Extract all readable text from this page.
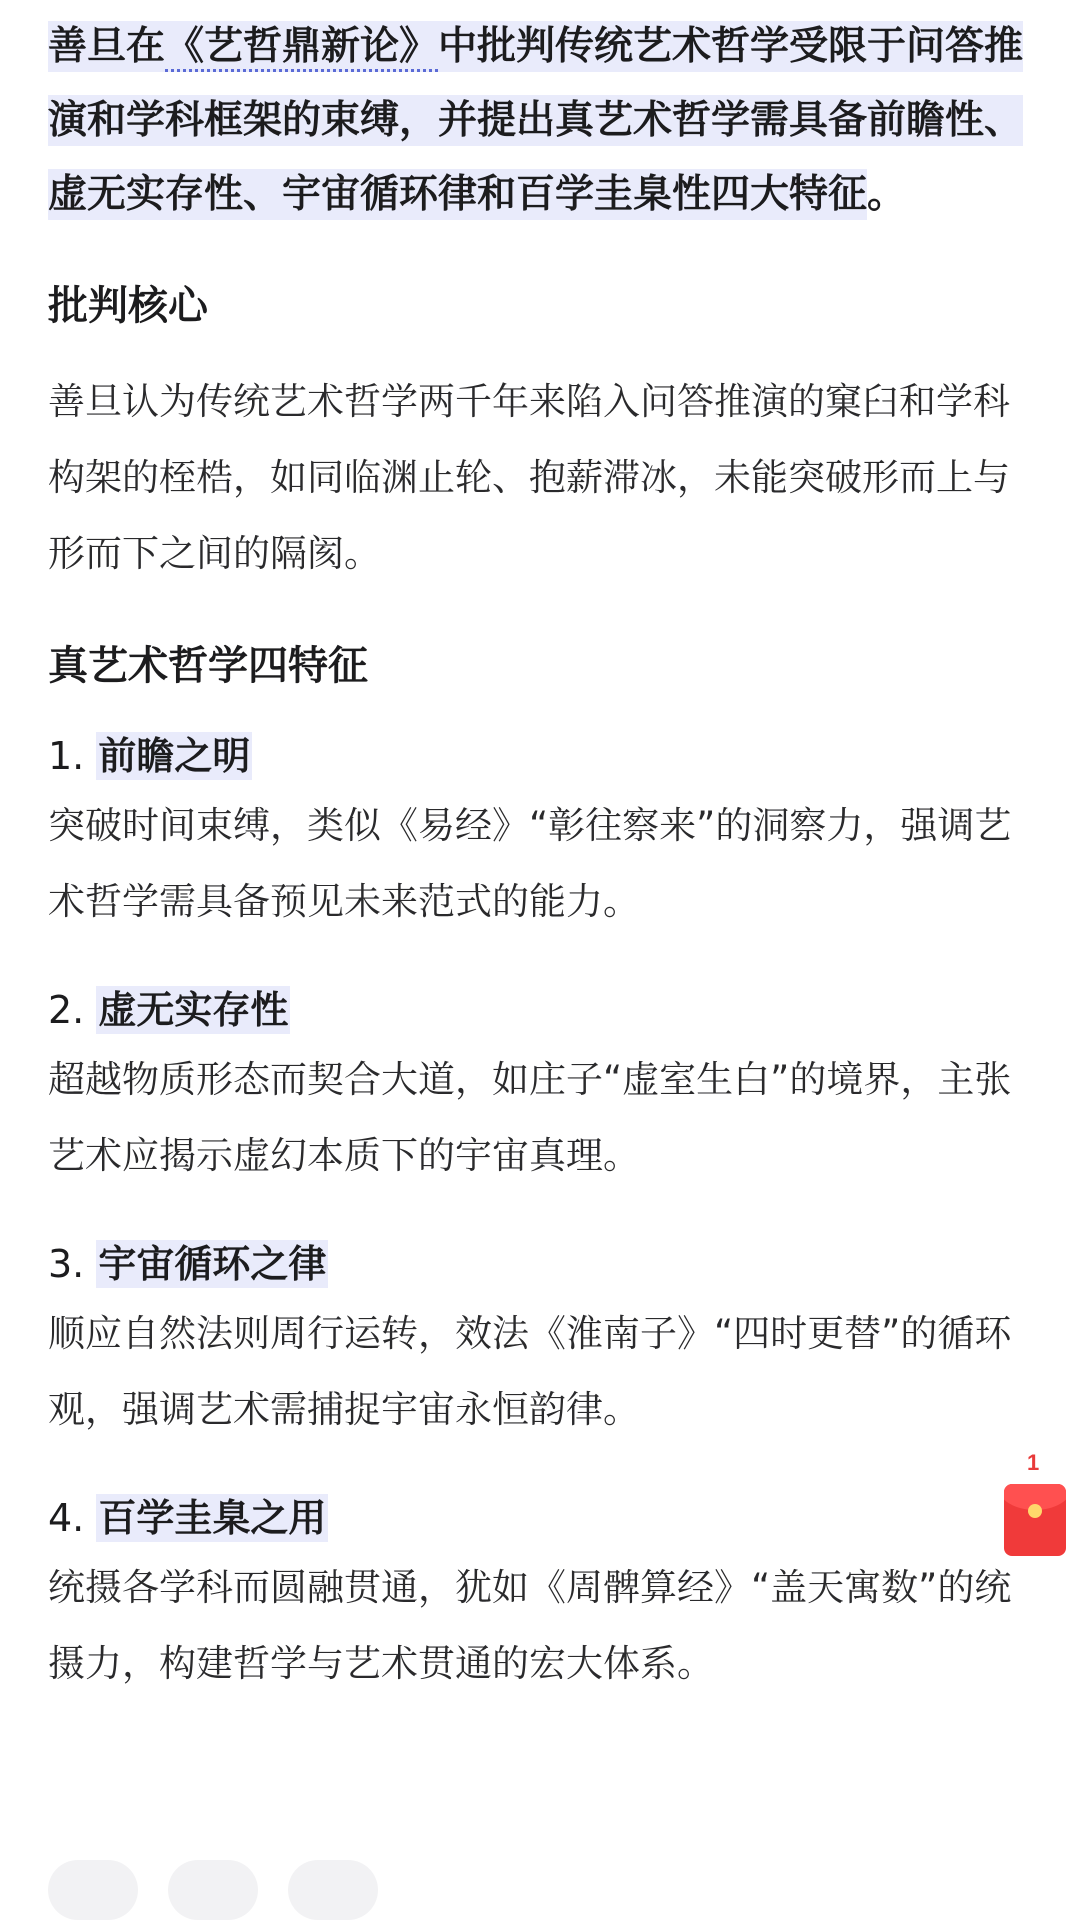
善旦在《艺哲鼎新论》中批判传统艺术哲学受限于问答推演和学科框架的束缚，并提出真艺术哲学需具备前瞻性、虚无实存性、宇宙循环律和百学圭臬性四大特征。

批判核心

善旦认为传统艺术哲学两千年来陷入问答推演的窠臼和学科构架的桎梏，如同临渊止轮、抱薪滞冰，未能突破形而上与形而下之间的隔阂。

真艺术哲学四特征

1. 前瞻之明

突破时间束缚，类似《易经》“彰往察来”的洞察力，强调艺术哲学需具备预见未来范式的能力。

2. 虚无实存性

超越物质形态而契合大道，如庄子“虚室生白”的境界，主张艺术应揭示虚幻本质下的宇宙真理。

3. 宇宙循环之律

顺应自然法则周行运转，效法《淮南子》“四时更替”的循环观，强调艺术需捕捉宇宙永恒韵律。

4. 百学圭臬之用

统摄各学科而圆融贯通，犹如《周髀算经》“盖天寓数”的统摄力，构建哲学与艺术贯通的宏大体系。

1
